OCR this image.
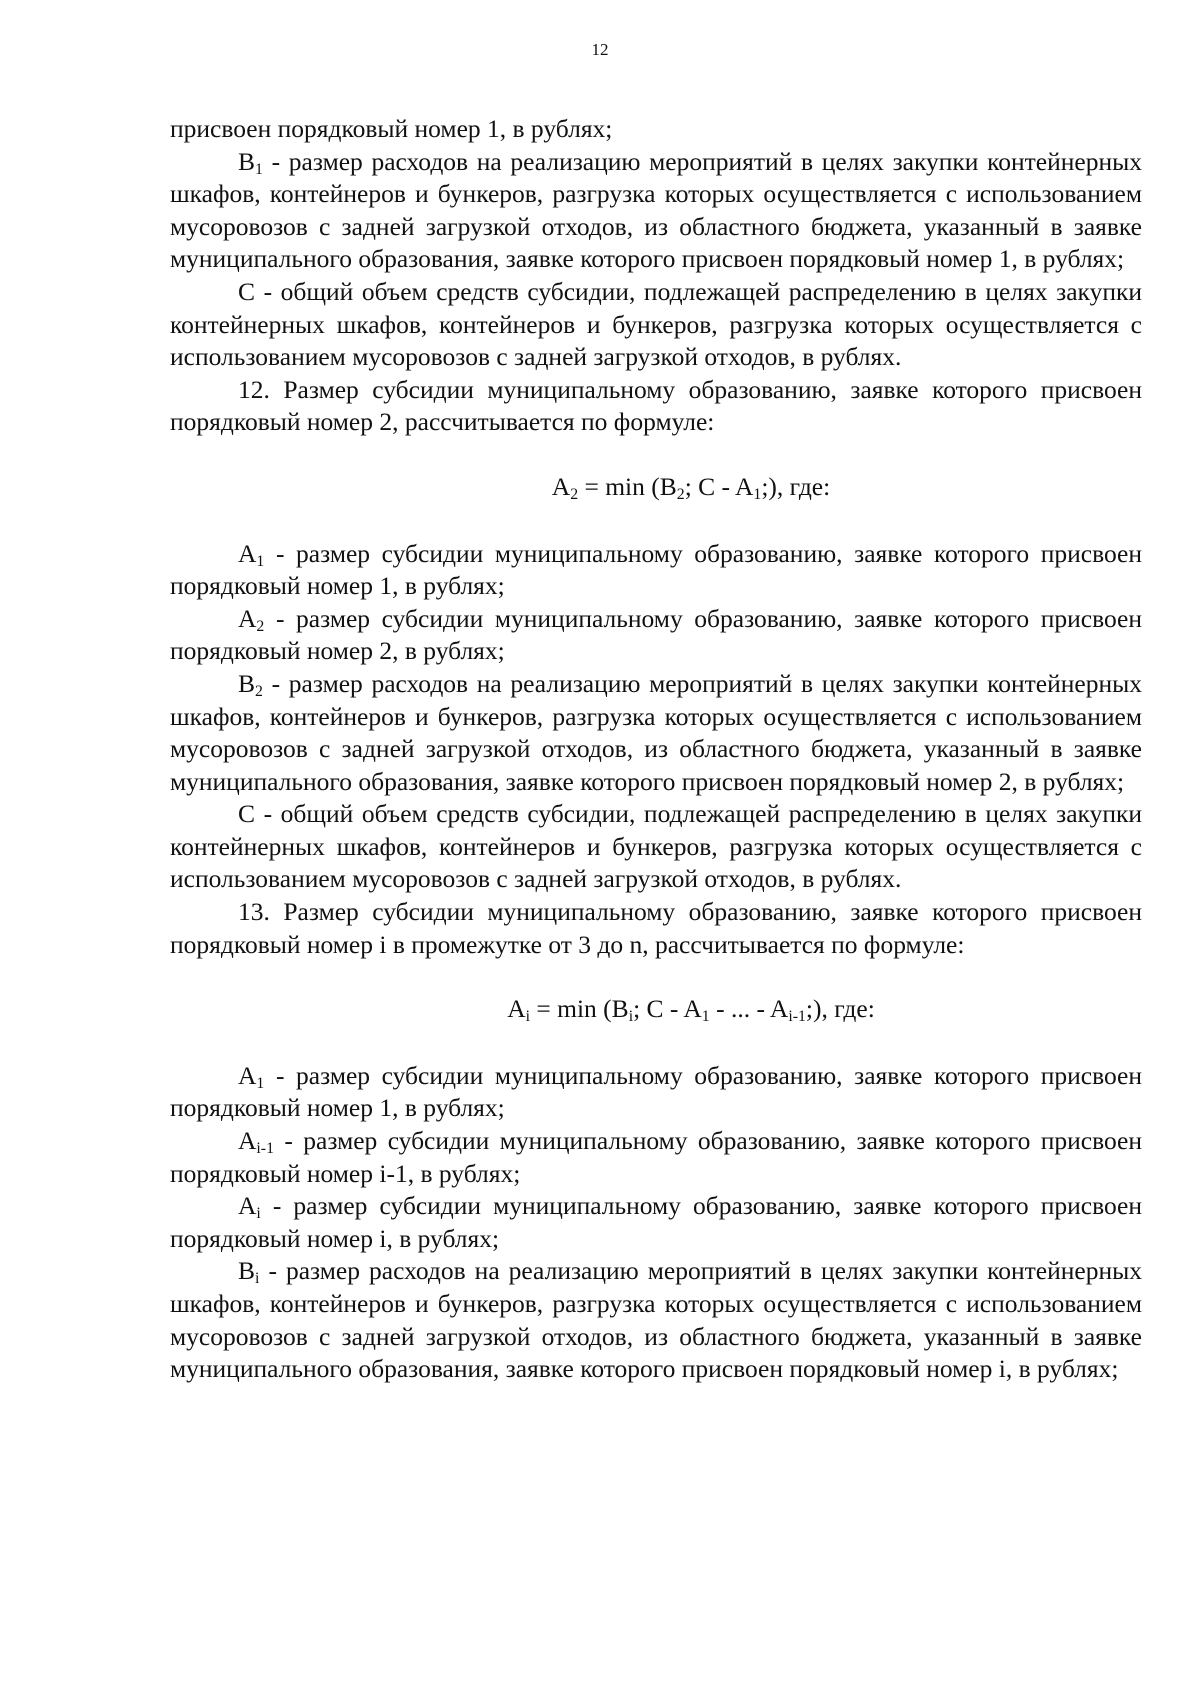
12

присвоен порядковый номер 1, в рублях;

$B_1$ - размер расходов на реализацию мероприятий в целях закупки контейнерных шкафов, контейнеров и бункеров, разгрузка которых осуществляется с использованием мусоровозов с задней загрузкой отходов, из областного бюджета, указанный в заявке муниципального образования, заявке которого присвоен порядковый номер 1, в рублях;

С - общий объем средств субсидии, подлежащей распределению в целях закупки контейнерных шкафов, контейнеров и бункеров, разгрузка которых осуществляется с использованием мусоровозов с задней загрузкой отходов, в рублях.

12. Размер субсидии муниципальному образованию, заявке которого присвоен порядковый номер 2, рассчитывается по формуле:

$A_2 = \min (B_2$; C - $A_1$;), где:

$A_1$ - размер субсидии муниципальному образованию, заявке которого присвоен порядковый номер 1, в рублях;

$A_2$ - размер субсидии муниципальному образованию, заявке которого присвоен порядковый номер 2, в рублях;

$B_2$ - размер расходов на реализацию мероприятий в целях закупки контейнерных шкафов, контейнеров и бункеров, разгрузка которых осуществляется с использованием мусоровозов с задней загрузкой отходов, из областного бюджета, указанный в заявке муниципального образования, заявке которого присвоен порядковый номер 2, в рублях;

С - общий объем средств субсидии, подлежащей распределению в целях закупки контейнерных шкафов, контейнеров и бункеров, разгрузка которых осуществляется с использованием мусоровозов с задней загрузкой отходов, в рублях.

13. Размер субсидии муниципальному образованию, заявке которого присвоен порядковый номер i в промежутке от 3 до n, рассчитывается по формуле:

$A_i = \min (B_i$; C - $A_1$ - ... - $A_{i-1}$;), где:

$A_1$ - размер субсидии муниципальному образованию, заявке которого присвоен порядковый номер 1, в рублях;

$A_{i-1}$ - размер субсидии муниципальному образованию, заявке которого присвоен порядковый номер i-1, в рублях;

$A_i$ - размер субсидии муниципальному образованию, заявке которого присвоен порядковый номер i, в рублях;

$B_i$ - размер расходов на реализацию мероприятий в целях закупки контейнерных шкафов, контейнеров и бункеров, разгрузка которых осуществляется с использованием мусоровозов с задней загрузкой отходов, из областного бюджета, указанный в заявке муниципального образования, заявке которого присвоен порядковый номер i, в рублях;
